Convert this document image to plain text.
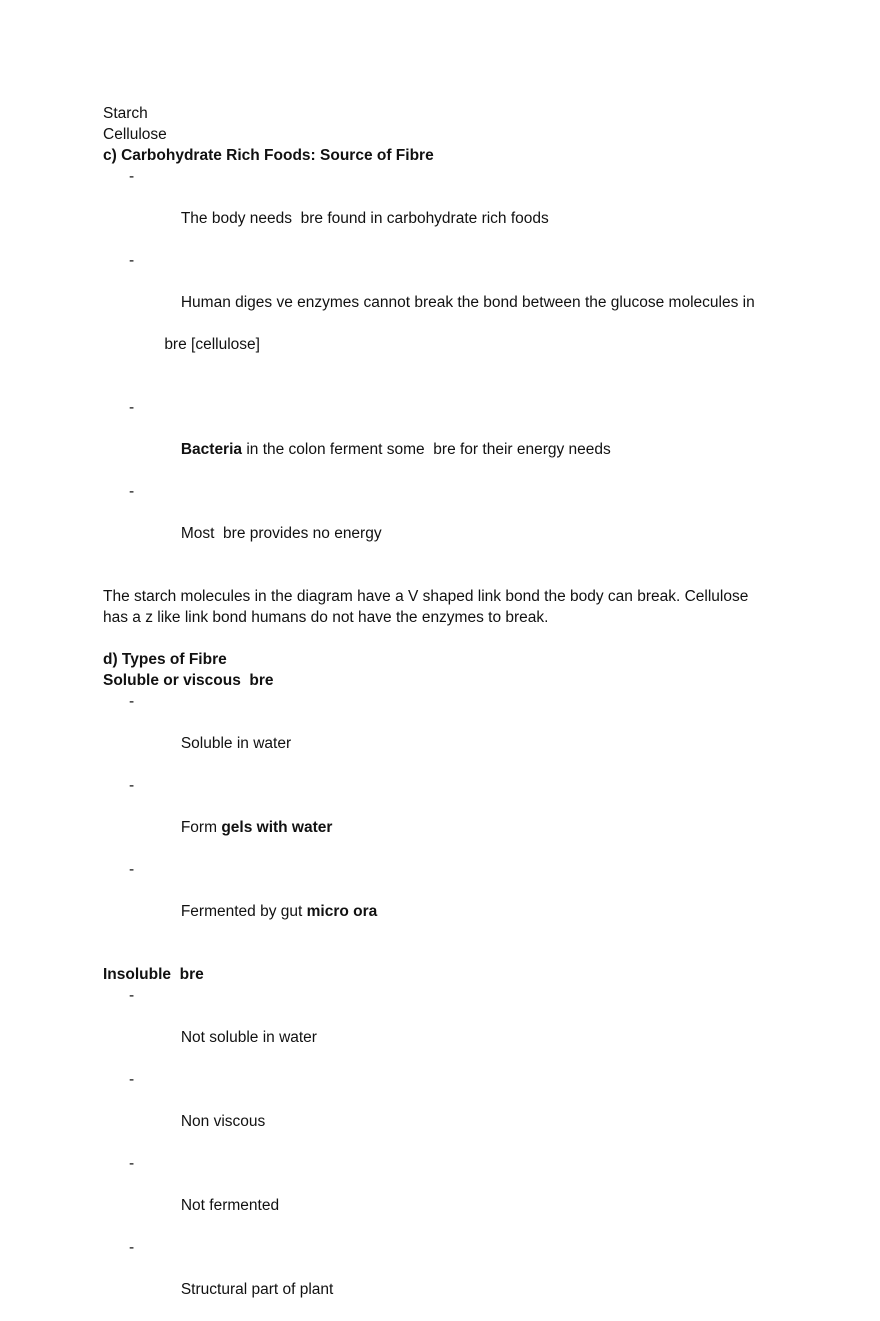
Starch

Cellulose

c) Carbohydrate Rich Foods: Source of Fibre

-

The body needs  bre found in carbohydrate rich foods

-

Human diges ve enzymes cannot break the bond between the glucose molecules in

bre [cellulose]

-

Bacteria in the colon ferment some  bre for their energy needs

-

Most  bre provides no energy

The starch molecules in the diagram have a V shaped link bond the body can break. Cellulose has a z like link bond humans do not have the enzymes to break.

d) Types of Fibre

Soluble or viscous  bre

-

Soluble in water

-

Form gels with water

-

Fermented by gut micro ora

Insoluble  bre

-

Not soluble in water

-

Non viscous

-

Not fermented

-

Structural part of plant
